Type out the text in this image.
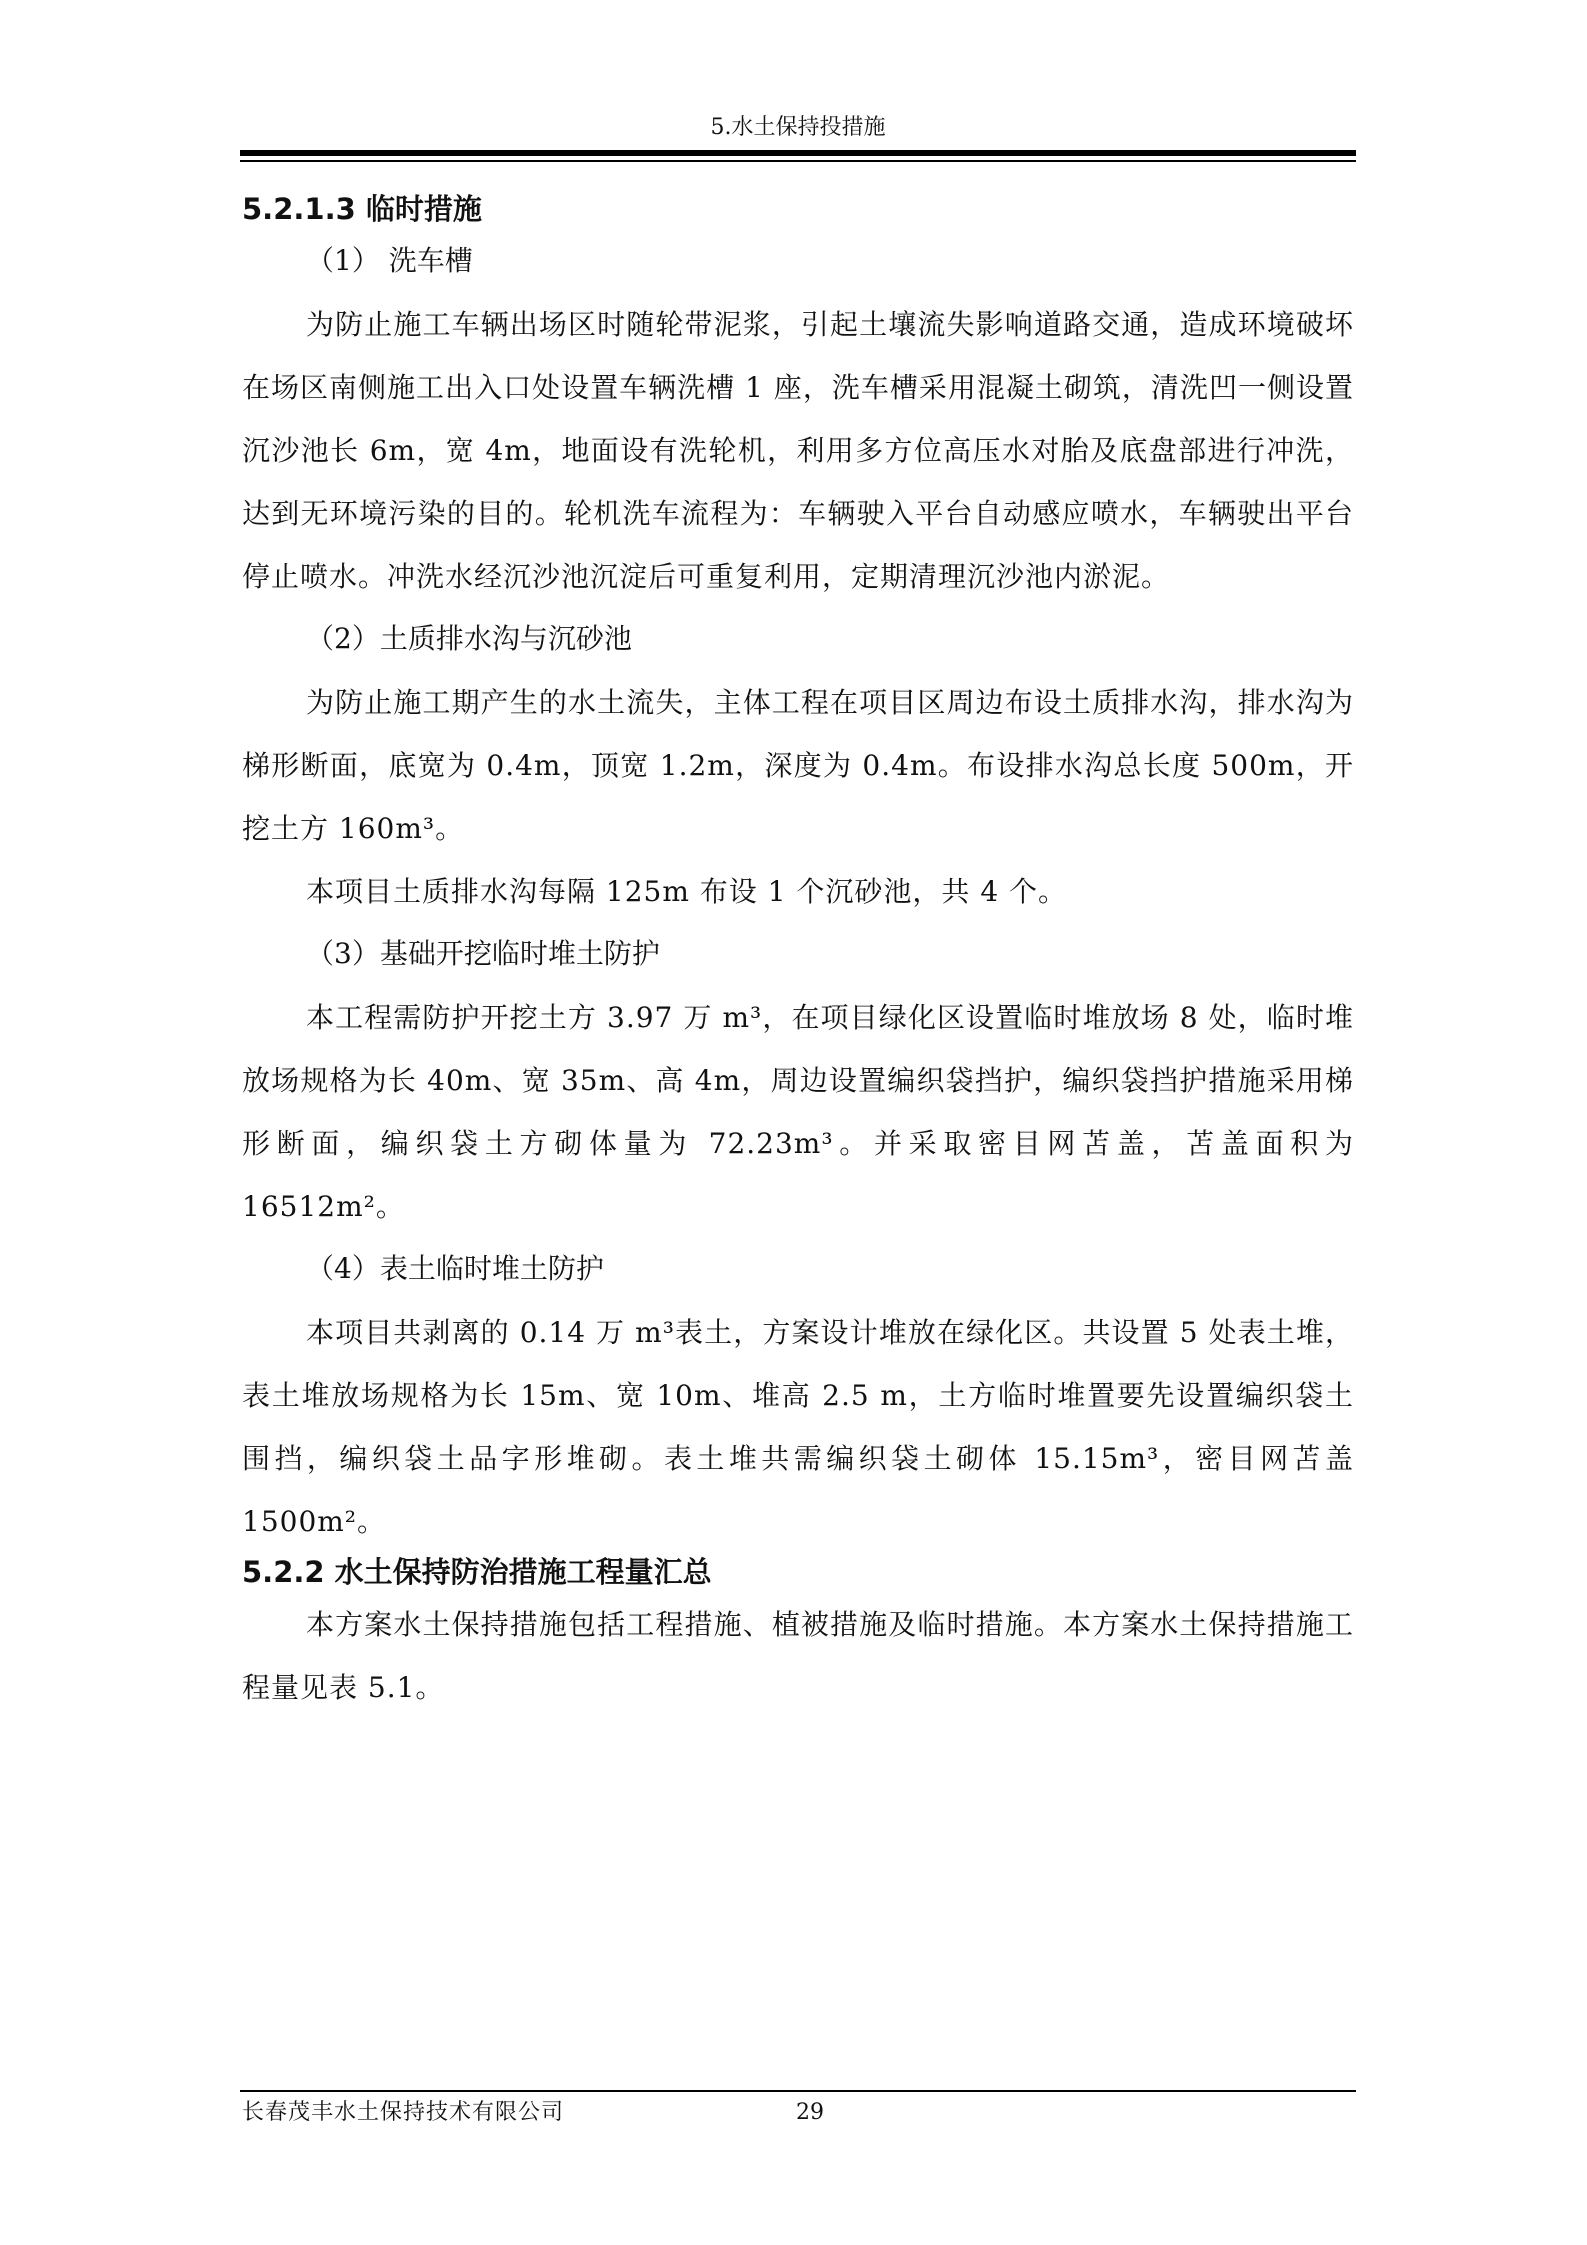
5.水土保持投措施
5.2.1.3 临时措施
（1） 洗车槽

为防止施工车辆出场区时随轮带泥浆，引起土壤流失影响道路交通，造成环境破坏在场区南侧施工出入口处设置车辆洗槽 1 座，洗车槽采用混凝土砌筑，清洗凹一侧设置沉沙池长 6m，宽 4m，地面设有洗轮机，利用多方位高压水对胎及底盘部进行冲洗，达到无环境污染的目的。轮机洗车流程为：车辆驶入平台自动感应喷水，车辆驶出平台停止喷水。冲洗水经沉沙池沉淀后可重复利用，定期清理沉沙池内淤泥。

（2）土质排水沟与沉砂池

为防止施工期产生的水土流失，主体工程在项目区周边布设土质排水沟，排水沟为梯形断面，底宽为 0.4m，顶宽 1.2m，深度为 0.4m。布设排水沟总长度 500m，开挖土方 160m³。

本项目土质排水沟每隔 125m 布设 1 个沉砂池，共 4 个。

（3）基础开挖临时堆土防护

本工程需防护开挖土方 3.97 万 m³，在项目绿化区设置临时堆放场 8 处，临时堆放场规格为长 40m、宽 35m、高 4m，周边设置编织袋挡护，编织袋挡护措施采用梯形断面，编织袋土方砌体量为 72.23m³。并采取密目网苫盖，苫盖面积为 16512m²。

（4）表土临时堆土防护

本项目共剥离的 0.14 万 m³表土，方案设计堆放在绿化区。共设置 5 处表土堆，表土堆放场规格为长 15m、宽 10m、堆高 2.5 m，土方临时堆置要先设置编织袋土围挡，编织袋土品字形堆砌。表土堆共需编织袋土砌体 15.15m³，密目网苫盖 1500m²。

5.2.2 水土保持防治措施工程量汇总

本方案水土保持措施包括工程措施、植被措施及临时措施。本方案水土保持措施工程量见表 5.1。

长春茂丰水土保持技术有限公司	29
